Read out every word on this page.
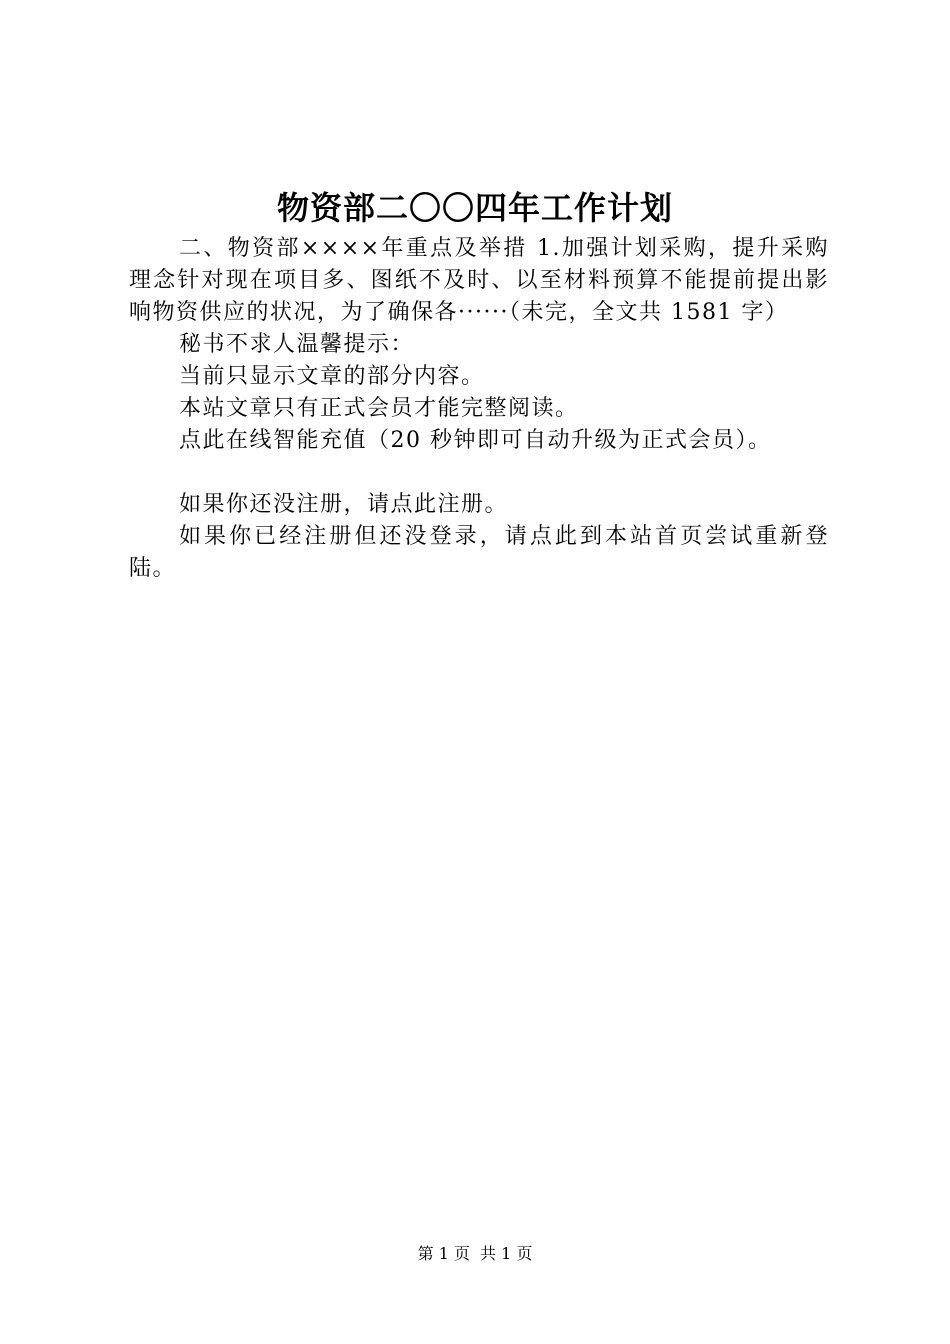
物资部二〇〇四年工作计划

二、物资部××××年重点及举措 1.加强计划采购，提升采购理念针对现在项目多、图纸不及时、以至材料预算不能提前提出影响物资供应的状况，为了确保各······（未完，全文共 1581 字）

秘书不求人温馨提示：

当前只显示文章的部分内容。

本站文章只有正式会员才能完整阅读。

点此在线智能充值（20 秒钟即可自动升级为正式会员）。

如果你还没注册，请点此注册。

如果你已经注册但还没登录，请点此到本站首页尝试重新登陆。

第 1 页 共 1 页
